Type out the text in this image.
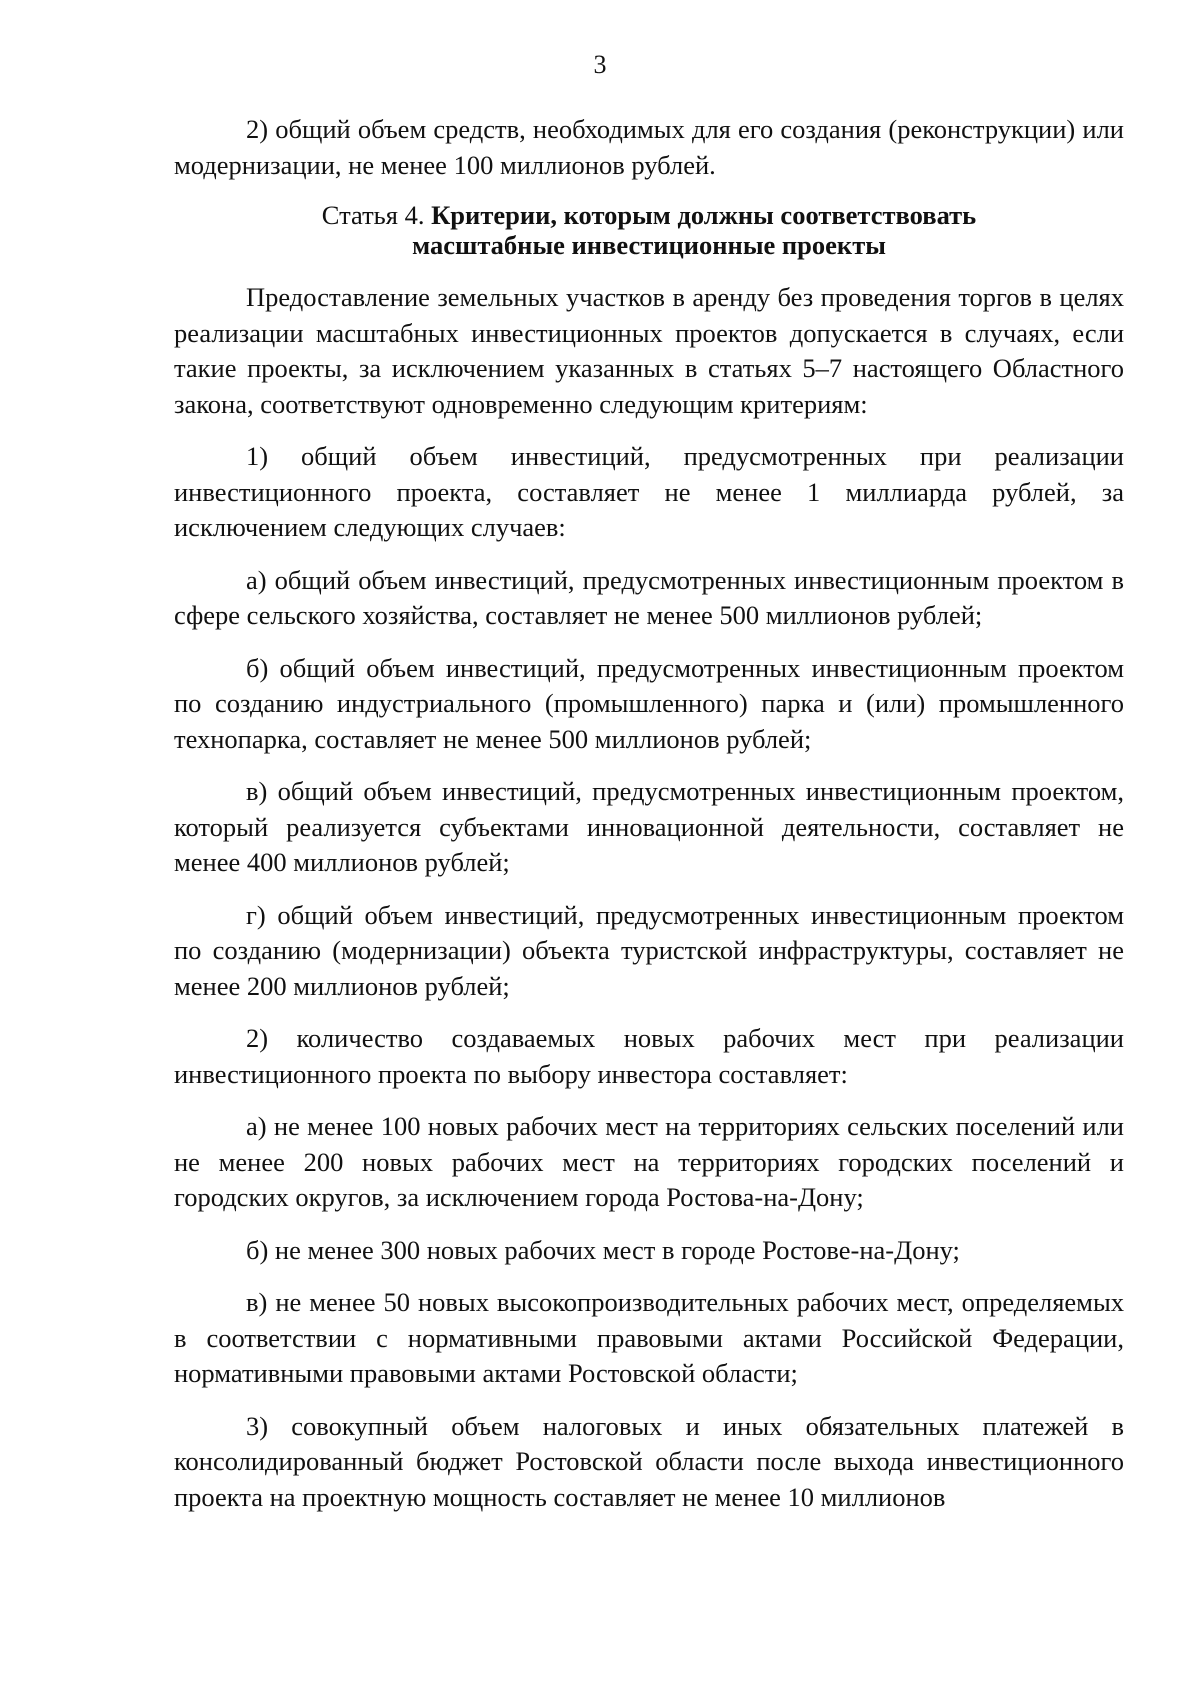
3

2) общий объем средств, необходимых для его создания (реконструкции) или модернизации, не менее 100 миллионов рублей.

Статья 4. Критерии, которым должны соответствовать
масштабные инвестиционные проекты

Предоставление земельных участков в аренду без проведения торгов в целях реализации масштабных инвестиционных проектов допускается в случаях, если такие проекты, за исключением указанных в статьях 5–7 настоящего Областного закона, соответствуют одновременно следующим критериям:

1) общий объем инвестиций, предусмотренных при реализации инвестиционного проекта, составляет не менее 1 миллиарда рублей, за исключением следующих случаев:

а) общий объем инвестиций, предусмотренных инвестиционным проектом в сфере сельского хозяйства, составляет не менее 500 миллионов рублей;

б) общий объем инвестиций, предусмотренных инвестиционным проектом по созданию индустриального (промышленного) парка и (или) промышленного технопарка, составляет не менее 500 миллионов рублей;

в) общий объем инвестиций, предусмотренных инвестиционным проектом, который реализуется субъектами инновационной деятельности, составляет не менее 400 миллионов рублей;

г) общий объем инвестиций, предусмотренных инвестиционным проектом по созданию (модернизации) объекта туристской инфраструктуры, составляет не менее 200 миллионов рублей;

2) количество создаваемых новых рабочих мест при реализации инвестиционного проекта по выбору инвестора составляет:

а) не менее 100 новых рабочих мест на территориях сельских поселений или не менее 200 новых рабочих мест на территориях городских поселений и городских округов, за исключением города Ростова-на-Дону;

б) не менее 300 новых рабочих мест в городе Ростове-на-Дону;

в) не менее 50 новых высокопроизводительных рабочих мест, определяемых в соответствии с нормативными правовыми актами Российской Федерации, нормативными правовыми актами Ростовской области;

3) совокупный объем налоговых и иных обязательных платежей в консолидированный бюджет Ростовской области после выхода инвестиционного проекта на проектную мощность составляет не менее 10 миллионов
